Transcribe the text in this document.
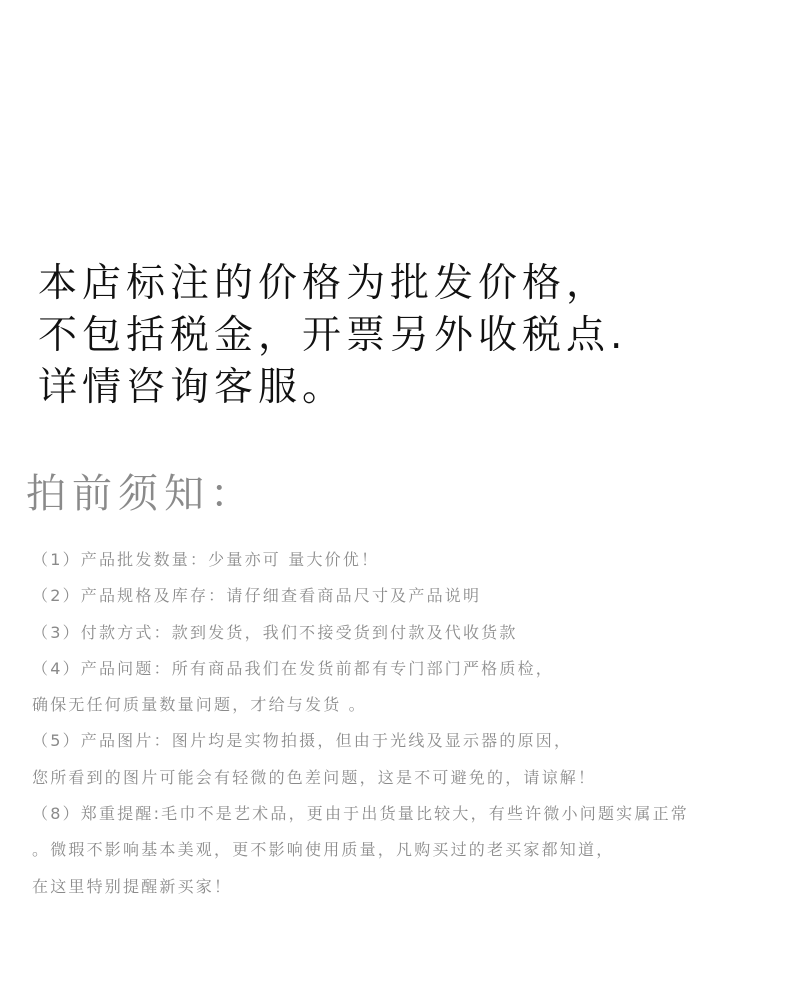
本店标注的价格为批发价格，
不包括税金，开票另外收税点.
详情咨询客服。
拍前须知：
（1）产品批发数量：少量亦可 量大价优！
（2）产品规格及库存：请仔细查看商品尺寸及产品说明
（3）付款方式：款到发货，我们不接受货到付款及代收货款
（4）产品问题：所有商品我们在发货前都有专门部门严格质检，
确保无任何质量数量问题，才给与发货 。
（5）产品图片：图片均是实物拍摄，但由于光线及显示器的原因，
您所看到的图片可能会有轻微的色差问题，这是不可避免的，请谅解！
（8）郑重提醒:毛巾不是艺术品，更由于出货量比较大，有些许微小问题实属正常
。微瑕不影响基本美观，更不影响使用质量，凡购买过的老买家都知道，
在这里特别提醒新买家！
